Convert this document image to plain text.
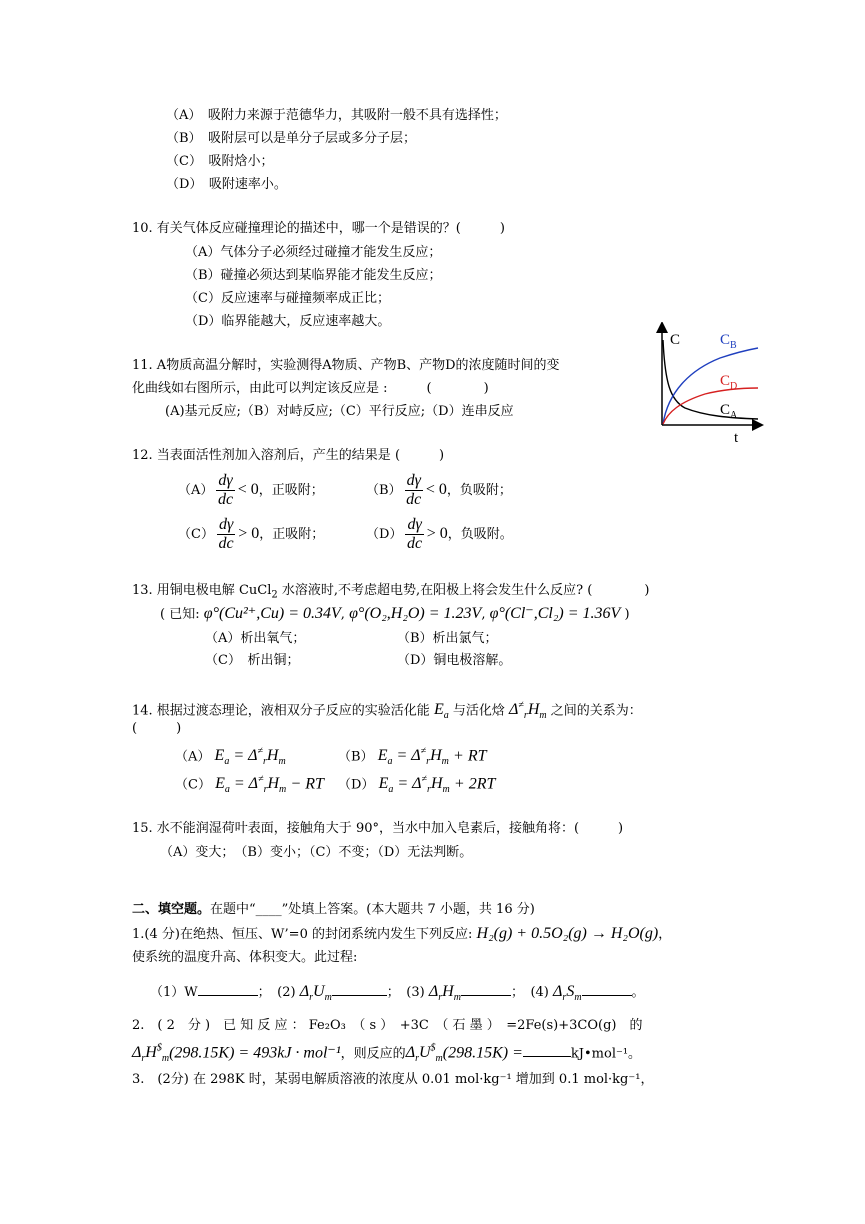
（A）　吸附力来源于范德华力，其吸附一般不具有选择性；
（B）　吸附层可以是单分子层或多分子层；
（C）　吸附焓小；
（D）　吸附速率小。
10. 有关气体反应碰撞理论的描述中，哪一个是错误的？(　　　)
（A）气体分子必须经过碰撞才能发生反应；
（B）碰撞必须达到某临界能才能发生反应；
（C）反应速率与碰撞频率成正比；
（D）临界能越大，反应速率越大。
11. A物质高温分解时，实验测得A物质、产物B、产物D的浓度随时间的变
化曲线如右图所示，由此可以判定该反应是 :　　　(　　　　)
(A)基元反应;（B）对峙反应;（C）平行反应;（D）连串反应
C
t
$C_B$
$C_D$
$C_A$
12. 当表面活性剂加入溶剂后，产生的结果是 (　　　)
$(A) \frac{d\gamma}{dc} < 0$，正吸附；	$(B) \frac{d\gamma}{dc} < 0$，负吸附；
$(C) \frac{d\gamma}{dc} > 0$，正吸附；	$(D) \frac{d\gamma}{dc} > 0$，负吸附。
13. 用铜电极电解 CuCl$_2$ 水溶液时,不考虑超电势,在阳极上将会发生什么反应? (　　　　)
( 已知: φ°(Cu²⁺,Cu) = 0.34V, φ°(O₂,H₂O) = 1.23V, φ°(Cl⁻,Cl₂) = 1.36V )
（A）析出氧气；	（B）析出氯气；
（C）　析出铜；	（D）铜电极溶解。
14. 根据过渡态理论，液相双分子反应的实验活化能 $E_a$ 与活化焓 $\Delta^\ne_rH_m$ 之间的关系为：
(　　　)
（A） $E_a = \Delta^\ne_rH_m$	（B） $E_a = \Delta^\ne_rH_m$ + RT
（C） $E_a = \Delta^\ne_rH_m$ − RT （D） $E_a = \Delta^\ne_rH_m + 2RT$
15. 水不能润湿荷叶表面，接触角大于 90°，当水中加入皂素后，接触角将：(　　　)
（A）变大；　（B）变小；（C）不变；（D）无法判断。
二、填空题。在题中“____”处填上答案。(本大题共 7 小题，共 16 分)
1.(4 分)在绝热、恒压、W’=0 的封闭系统内发生下列反应: H₂(g) + 0.5O₂(g) → H₂O(g)，
使系统的温度升高、体积变大。此过程:
（1）W	；　(2) $\Delta_rU_m$	；　(3) $\Delta_rH_m$	；　(4) $\Delta_rS_m$	。
2.　( 2　分 )　已 知 反 应 ： Fe₂O₃　（ s ）　+3C　（ 石 墨 ）　=2Fe(s)+3CO(g)　的
$\Delta_rH^{\$}_m(298.15K) = 493kJ \cdot mol^{-1}$，则反应的$\Delta_rU^{\$}_m(298.15K)$ =	kJ•mol⁻¹。
3.　(2分) 在 298K 时，某弱电解质溶液的浓度从 0.01 mol·kg⁻¹ 增加到 0.1 mol·kg⁻¹，
